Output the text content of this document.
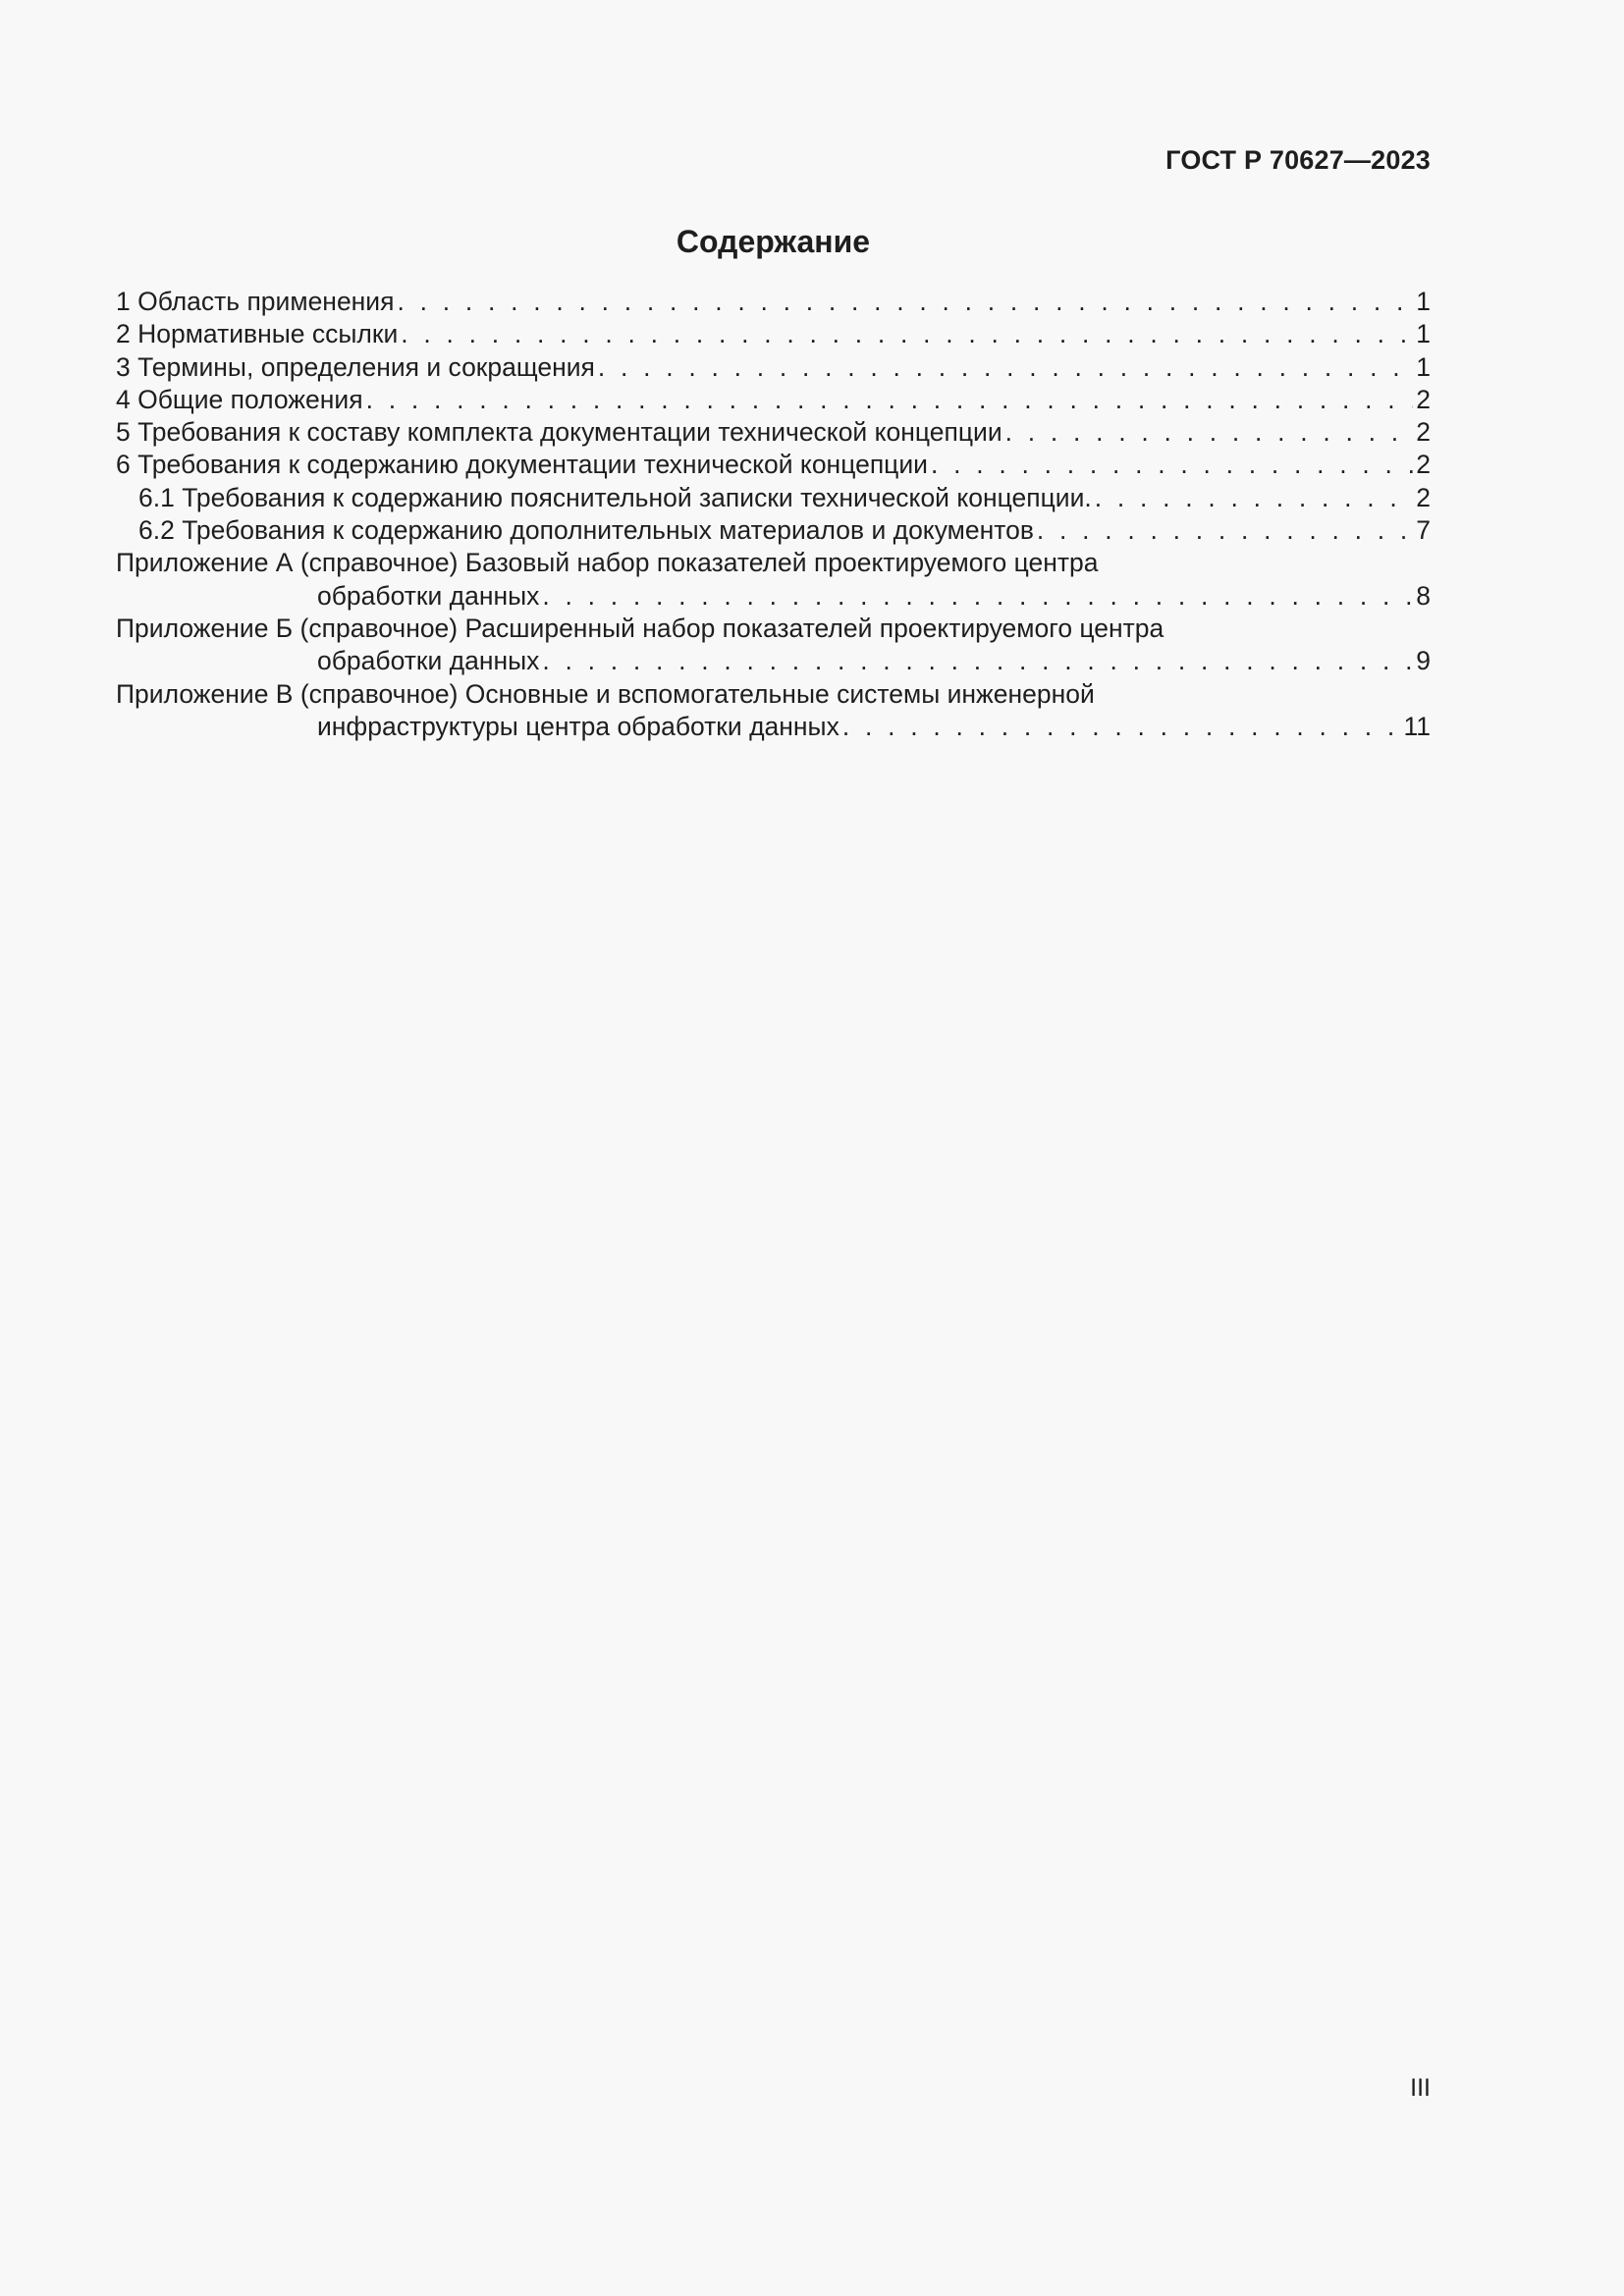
ГОСТ Р 70627—2023
Содержание
1 Область применения . . .	1
2 Нормативные ссылки . . .	1
3 Термины, определения и сокращения . . .	1
4 Общие положения . . .	2
5 Требования к составу комплекта документации технической концепции . . .	2
6 Требования к содержанию документации технической концепции . . .	2
6.1 Требования к содержанию пояснительной записки технической концепции. . . .	2
6.2 Требования к содержанию дополнительных материалов и документов . . .	7
Приложение А (справочное) Базовый набор показателей проектируемого центра
обработки данных . . .	8
Приложение Б (справочное) Расширенный набор показателей проектируемого центра
обработки данных . . .	9
Приложение В (справочное) Основные и вспомогательные системы инженерной
инфраструктуры центра обработки данных . . .	11
III
